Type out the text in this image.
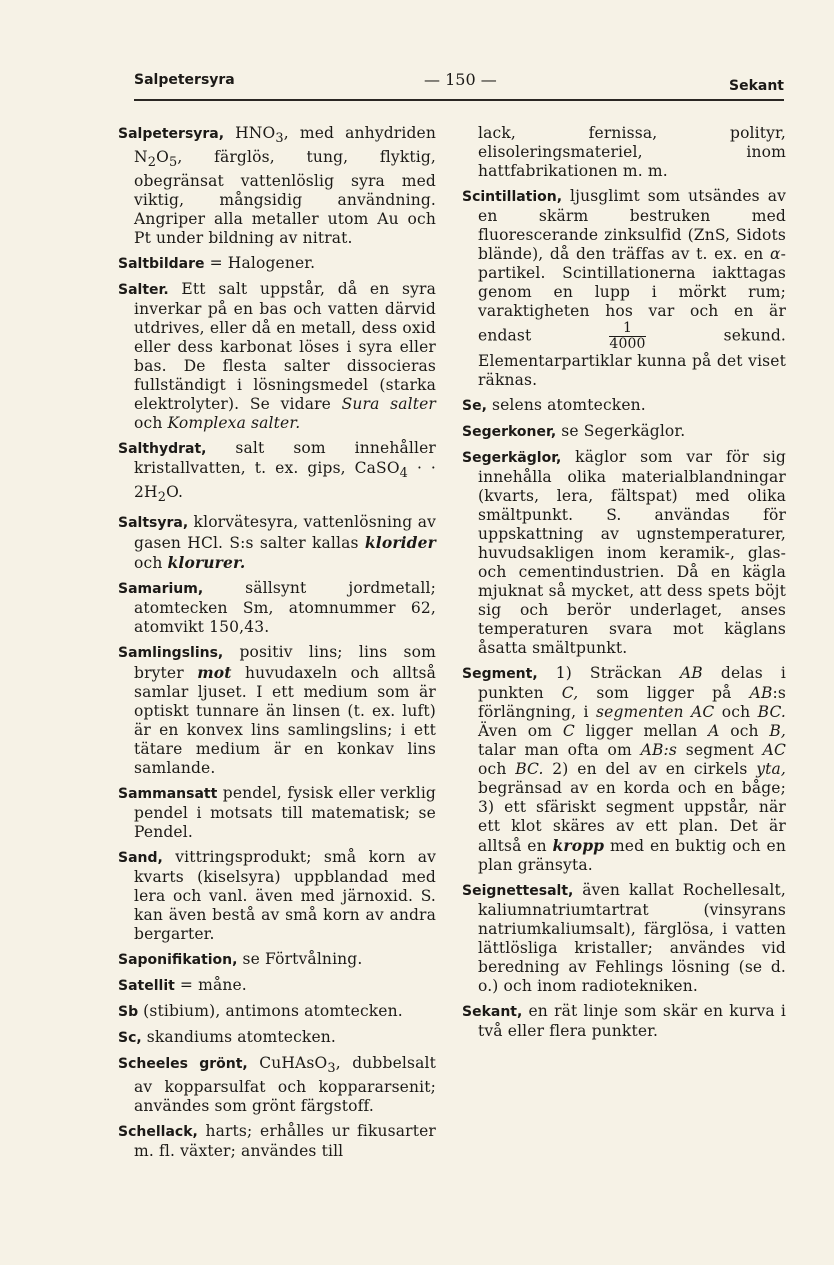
Salpetersyra	— 150 —	Sekant

Salpetersyra, $HNO_3$, med anhydriden $N_2O_5$, färglös, tung, flyktig, obegränsat vattenlöslig syra med viktig, mångsidig användning. Angriper alla metaller utom Au och Pt under bildning av nitrat.

Saltbildare = Halogener.

Salter. Ett salt uppstår, då en syra inverkar på en bas och vatten därvid utdrives, eller då en metall, dess oxid eller dess karbonat löses i syra eller bas. De flesta salter dissocieras fullständigt i lösningsmedel (starka elektrolyter). Se vidare Sura salter och Komplexa salter.

Salthydrat, salt som innehåller kristallvatten, t. ex. gips, CaSO$_4$ · · $2H_2O$.

Saltsyra, klorvätesyra, vattenlösning av gasen HCl. S:s salter kallas klorider och klorurer.

Samarium, sällsynt jordmetall; atomtecken Sm, atomnummer 62, atomvikt 150,43.

Samlingslins, positiv lins; lins som bryter mot huvudaxeln och alltså samlar ljuset. I ett medium som är optiskt tunnare än linsen (t. ex. luft) är en konvex lins samlingslins; i ett tätare medium är en konkav lins samlande.

Sammansatt pendel, fysisk eller verklig pendel i motsats till matematisk; se Pendel.

Sand, vittringsprodukt; små korn av kvarts (kiselsyra) uppblandad med lera och vanl. även med järnoxid. S. kan även bestå av små korn av andra bergarter.

Saponifikation, se Förtvålning.

Satellit = måne.

Sb (stibium), antimons atomtecken.

Sc, skandiums atomtecken.

Scheeles grönt, CuHAsO$_3$, dubbelsalt av kopparsulfat och koppararsenit; användes som grönt färgstoff.

Schellack, harts; erhålles ur fikusarter m. fl. växter; användes till

lack, fernissa, polityr, elisoleringsmateriel, inom hattfabrikationen m. m.

Scintillation, ljusglimt som utsändes av en skärm bestruken med fluorescerande zinksulfid (ZnS, Sidots blände), då den träffas av t. ex. en α-partikel. Scintillationerna iakttagas genom en lupp i mörkt rum; varaktigheten hos var och en är endast $\frac{1}{4000}$ sekund. Elementarpartiklar kunna på det viset räknas.

Se, selens atomtecken.

Segerkoner, se Segerkäglor.

Segerkäglor, käglor som var för sig innehålla olika materialblandningar (kvarts, lera, fältspat) med olika smältpunkt. S. användas för uppskattning av ugnstemperaturer, huvudsakligen inom keramik-, glas- och cementindustrien. Då en kägla mjuknat så mycket, att dess spets böjt sig och berör underlaget, anses temperaturen svara mot käglans åsatta smältpunkt.

Segment, 1) Sträckan AB delas i punkten C, som ligger på AB:s förlängning, i segmenten AC och BC. Även om C ligger mellan A och B, talar man ofta om AB:s segment AC och BC. 2) en del av en cirkels yta, begränsad av en korda och en båge; 3) ett sfäriskt segment uppstår, när ett klot skäres av ett plan. Det är alltså en kropp med en buktig och en plan gränsyta.

Seignettesalt, även kallat Rochellesalt, kaliumnatriumtartrat (vinsyrans natriumkaliumsalt), färglösa, i vatten lättlösliga kristaller; användes vid beredning av Fehlings lösning (se d. o.) och inom radiotekniken.

Sekant, en rät linje som skär en kurva i två eller flera punkter.
